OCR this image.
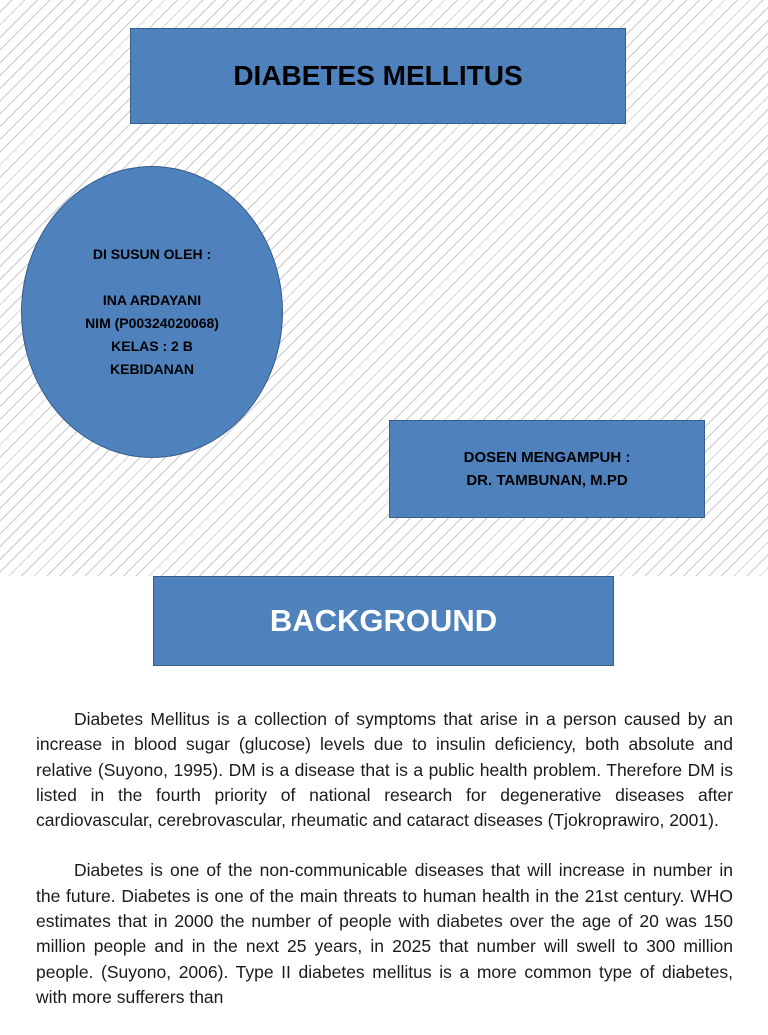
DIABETES MELLITUS
DI SUSUN OLEH :
INA ARDAYANI
NIM (P00324020068)
KELAS : 2 B
KEBIDANAN
DOSEN MENGAMPUH :
DR. TAMBUNAN, M.PD
BACKGROUND

Diabetes Mellitus is a collection of symptoms that arise in a person caused by an increase in blood sugar (glucose) levels due to insulin deficiency, both absolute and relative (Suyono, 1995). DM is a disease that is a public health problem. Therefore DM is listed in the fourth priority of national research for degenerative diseases after cardiovascular, cerebrovascular, rheumatic and cataract diseases (Tjokroprawiro, 2001).

Diabetes is one of the non-communicable diseases that will increase in number in the future. Diabetes is one of the main threats to human health in the 21st century. WHO estimates that in 2000 the number of people with diabetes over the age of 20 was 150 million people and in the next 25 years, in 2025 that number will swell to 300 million people. (Suyono, 2006). Type II diabetes mellitus is a more common type of diabetes, with more sufferers than
